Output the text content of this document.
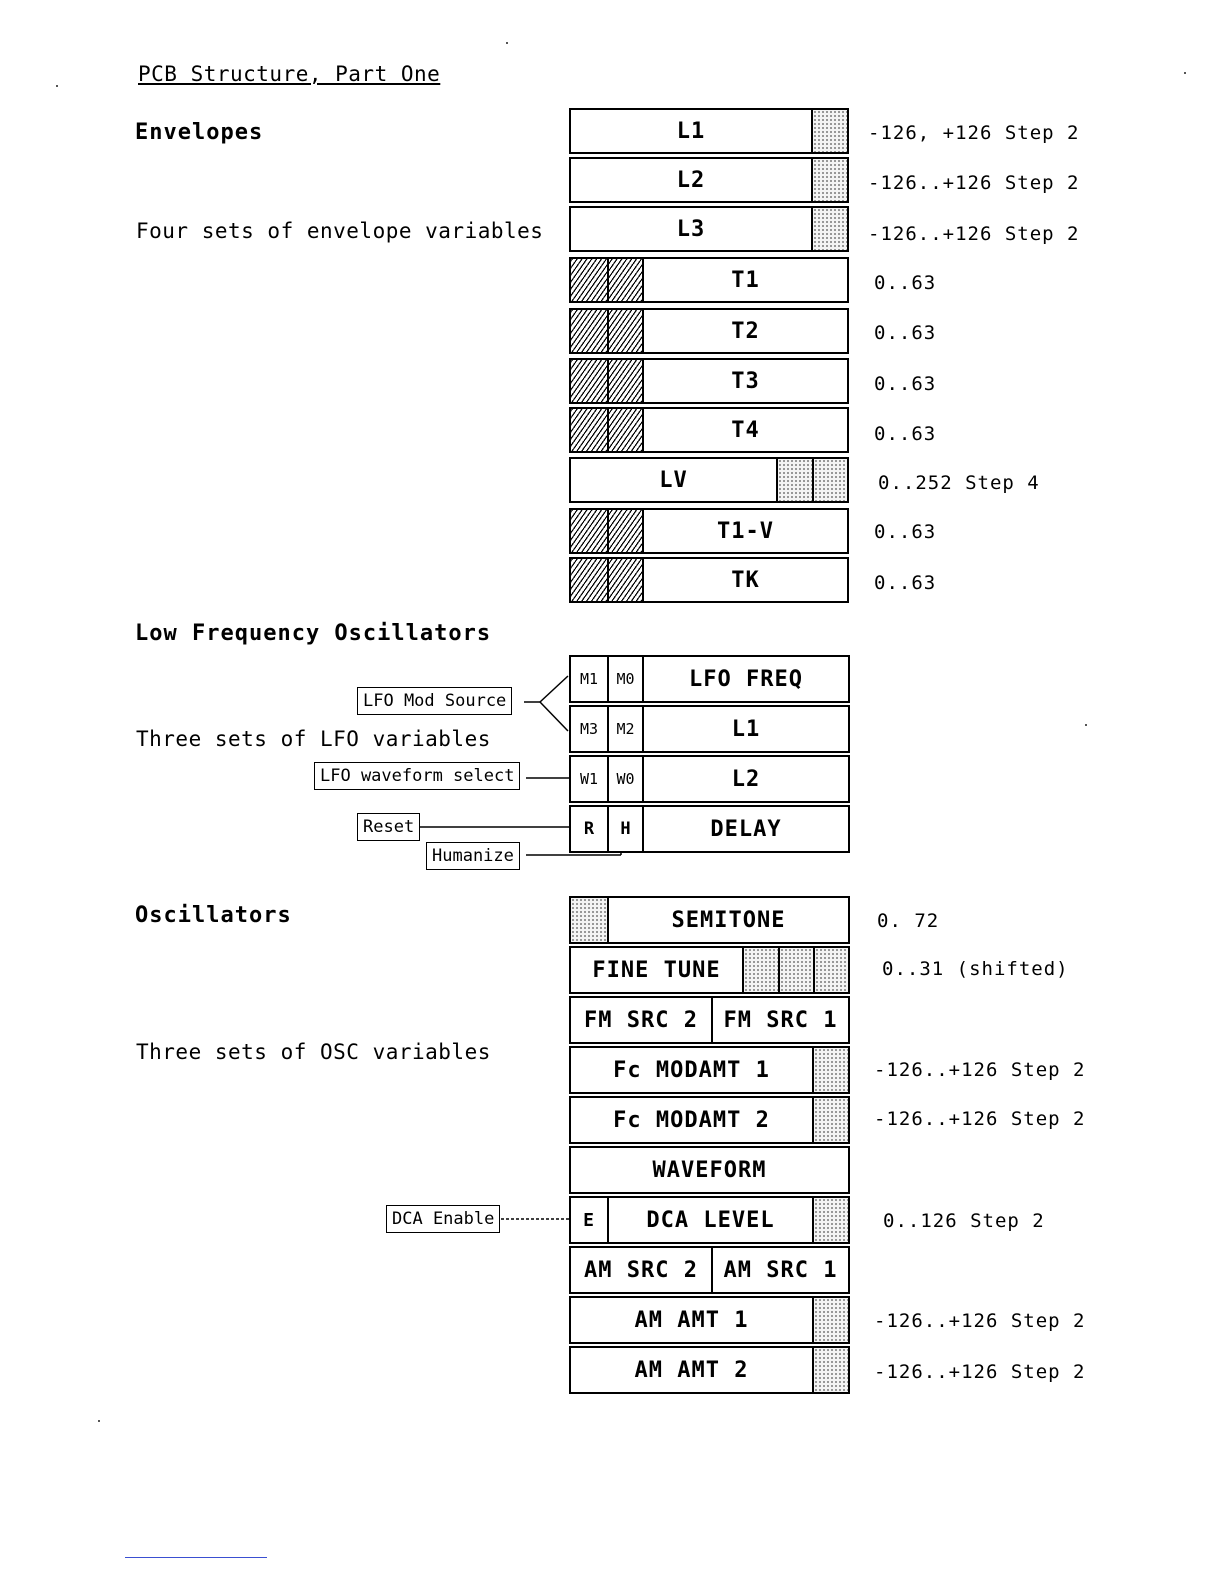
PCB Structure, Part One
Envelopes
Four sets of envelope variables
L1	-126, +126 Step 2
L2	-126..+126 Step 2
L3	-126..+126 Step 2
T1	0..63
T2	0..63
T3	0..63
T4	0..63
LV	0..252 Step 4
T1-V	0..63
TK	0..63
Low Frequency Oscillators
Three sets of LFO variables
LFO Mod Source
LFO waveform select
Reset
Humanize
M1	M0	LFO FREQ
M3	M2	L1
W1	W0	L2
R	H	DELAY
Oscillators
Three sets of OSC variables
SEMITONE	0. 72
FINE TUNE	0..31 (shifted)
FM SRC 2	FM SRC 1
Fc MODAMT 1	-126..+126 Step 2
Fc MODAMT 2	-126..+126 Step 2
WAVEFORM
DCA Enable	E	DCA LEVEL	0..126 Step 2
AM SRC 2	AM SRC 1
AM AMT 1	-126..+126 Step 2
AM AMT 2	-126..+126 Step 2
